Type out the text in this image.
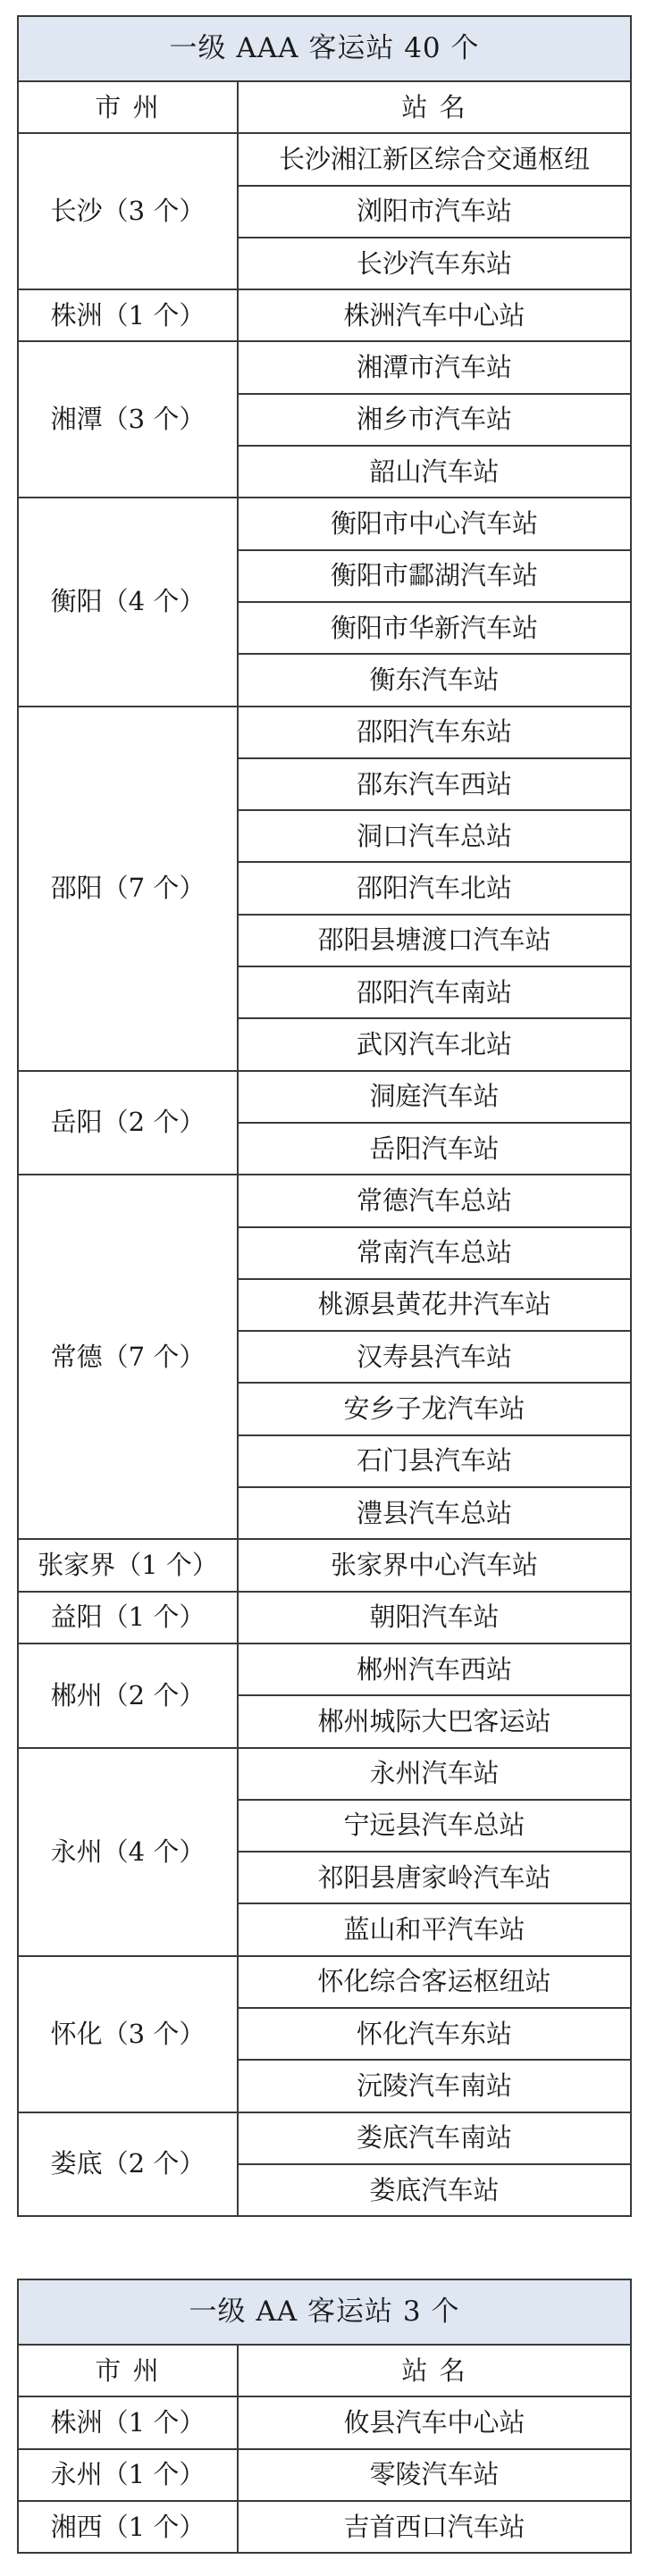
一级 AAA 客运站 40 个	
市 州	站 名
长沙（3 个）	长沙湘江新区综合交通枢纽
	浏阳市汽车站
	长沙汽车东站
株洲（1 个）	株洲汽车中心站
湘潭（3 个）	湘潭市汽车站
	湘乡市汽车站
	韶山汽车站
衡阳（4 个）	衡阳市中心汽车站
	衡阳市酃湖汽车站
	衡阳市华新汽车站
	衡东汽车站
邵阳（7 个）	邵阳汽车东站
	邵东汽车西站
	洞口汽车总站
	邵阳汽车北站
	邵阳县塘渡口汽车站
	邵阳汽车南站
	武冈汽车北站
岳阳（2 个）	洞庭汽车站
	岳阳汽车站
常德（7 个）	常德汽车总站
	常南汽车总站
	桃源县黄花井汽车站
	汉寿县汽车站
	安乡子龙汽车站
	石门县汽车站
	澧县汽车总站
张家界（1 个）	张家界中心汽车站
益阳（1 个）	朝阳汽车站
郴州（2 个）	郴州汽车西站
	郴州城际大巴客运站
永州（4 个）	永州汽车站
	宁远县汽车总站
	祁阳县唐家岭汽车站
	蓝山和平汽车站
怀化（3 个）	怀化综合客运枢纽站
	怀化汽车东站
	沅陵汽车南站
娄底（2 个）	娄底汽车南站
	娄底汽车站
一级 AA 客运站 3 个	
市 州	站 名
株洲（1 个）	攸县汽车中心站
永州（1 个）	零陵汽车站
湘西（1 个）	吉首西口汽车站
